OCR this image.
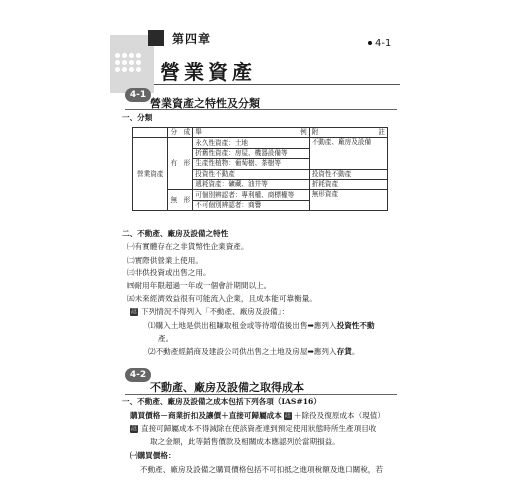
第四章
營業資產
4-1
4-1
營業資產之特性及分類
一、分類

	分 成	舉 例	附 註

營業資產	有　形	永久性資產：土地	不動產、廠房及設備
		折舊性資產：房屋、機器設備等	
		生產性植物：葡萄樹、茶樹等	
		投資性不動產	投資性不動產
		遞耗資產：礦藏、油井等	折耗資產
	無　形	可個別辨認者：專利權、商標權等	無形資產
		不可個別辨認者：商譽	
二、不動產、廠房及設備之特性
㈠有實體存在之非貨幣性企業資產。
㈡實際供營業上使用。
㈢非供投資或出售之用。
㈣耐用年限超過一年或一個會計期間以上。
㈤未來經濟效益很有可能流入企業，且成本能可靠衡量。
註 下列情況不得列入「不動產、廠房及設備」：
⑴購入土地是供出租賺取租金或等待增值後出售➡應列入投資性不動
產。
⑵不動產經銷商及建設公司供出售之土地及房屋➡應列入存貨。
4-2
不動產、廠房及設備之取得成本
一、不動產、廠房及設備之成本包括下列各項（IAS#16）
購買價格－商業折扣及讓價＋直接可歸屬成本 註 ＋除役及復原成本（現值）
註 直接可歸屬成本不得減除在使該資產達到預定使用狀態時所生產項目收
取之金額，此等銷售價款及相關成本應認列於當期損益。
㈠購買價格：
不動產、廠房及設備之購買價格包括不可扣抵之進項稅額及進口關稅，若
